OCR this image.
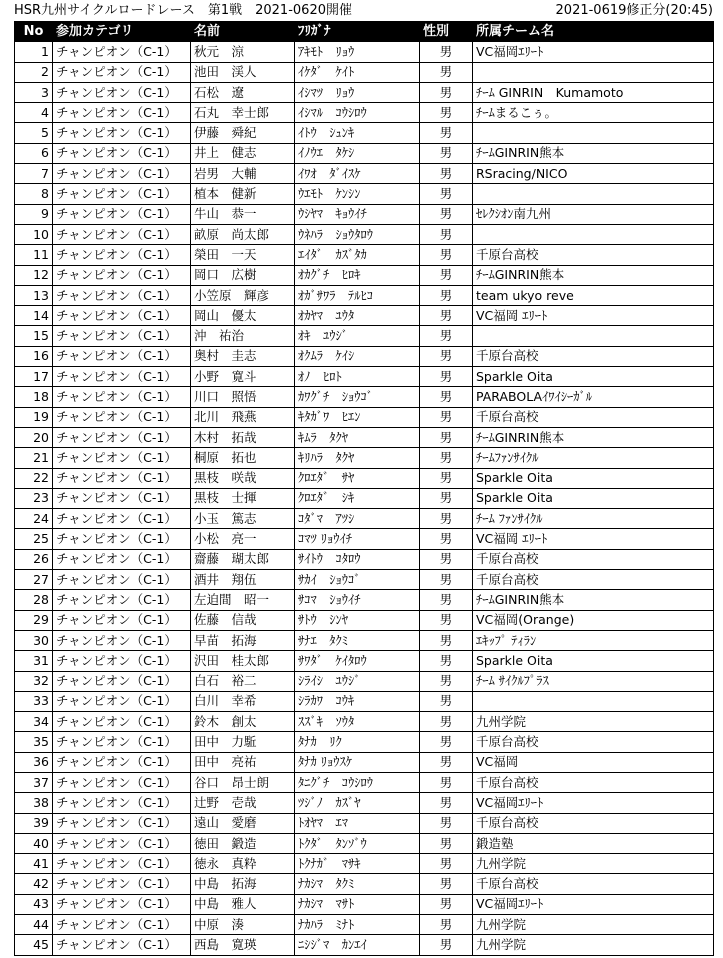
HSR九州サイクルロードレース　第1戦　2021-0620開催	2021-0619修正分(20:45)
No	参加カテゴリ	名前	ﾌﾘｶﾞﾅ	性別	所属チーム名
1	チャンピオン（C-1）	秋元　涼	ｱｷﾓﾄ　ﾘｮｳ	男	VC福岡ｴﾘｰﾄ
2	チャンピオン（C-1）	池田　渓人	ｲｹﾀﾞ　ｹｲﾄ	男	
3	チャンピオン（C-1）	石松　遼	ｲｼﾏﾂ　ﾘｮｳ	男	ﾁｰﾑ GINRIN　Kumamoto
4	チャンピオン（C-1）	石丸　幸士郎	ｲｼﾏﾙ　ｺｳｼﾛｳ	男	ﾁｰﾑまるこぅ。
5	チャンピオン（C-1）	伊藤　舜紀	ｲﾄｳ　ｼｭﾝｷ	男	
6	チャンピオン（C-1）	井上　健志	ｲﾉｳｴ　ﾀｹｼ	男	ﾁｰﾑGINRIN熊本
7	チャンピオン（C-1）	岩男　大輔	ｲﾜｵ　ﾀﾞｲｽｹ	男	RSracing/NICO
8	チャンピオン（C-1）	植本　健新	ｳｴﾓﾄ　ｹﾝｼﾝ	男	
9	チャンピオン（C-1）	牛山　恭一	ｳｼﾔﾏ　ｷｮｳｲﾁ	男	ｾﾚｸｼｵﾝ南九州
10	チャンピオン（C-1）	畝原　尚太郎	ｳﾈﾊﾗ　ｼｮｳﾀﾛｳ	男	
11	チャンピオン（C-1）	榮田　一天	ｴｲﾀﾞ　ｶｽﾞﾀｶ	男	千原台高校
12	チャンピオン（C-1）	岡口　広樹	ｵｶｸﾞﾁ　ﾋﾛｷ	男	ﾁｰﾑGINRIN熊本
13	チャンピオン（C-1）	小笠原　輝彦	ｵｶﾞｻﾜﾗ　ﾃﾙﾋｺ	男	team ukyo reve
14	チャンピオン（C-1）	岡山　優太	ｵｶﾔﾏ　ﾕｳﾀ	男	VC福岡 ｴﾘｰﾄ
15	チャンピオン（C-1）	沖　祐治	ｵｷ　ﾕｳｼﾞ	男	
16	チャンピオン（C-1）	奥村　圭志	ｵｸﾑﾗ　ｹｲｼ	男	千原台高校
17	チャンピオン（C-1）	小野　寛斗	ｵﾉ　ﾋﾛﾄ	男	Sparkle Oita
18	チャンピオン（C-1）	川口　照悟	ｶﾜｸﾞﾁ　ｼｮｳｺﾞ	男	PARABOLAｲﾜｲｼｰｶﾞﾙ
19	チャンピオン（C-1）	北川　飛燕	ｷﾀｶﾞﾜ　ﾋｴﾝ	男	千原台高校
20	チャンピオン（C-1）	木村　拓哉	ｷﾑﾗ　ﾀｸﾔ	男	ﾁｰﾑGINRIN熊本
21	チャンピオン（C-1）	桐原　拓也	ｷﾘﾊﾗ　ﾀｸﾔ	男	ﾁｰﾑﾌｧﾝｻｲｸﾙ
22	チャンピオン（C-1）	黒枝　咲哉	ｸﾛｴﾀﾞ　ｻﾔ	男	Sparkle Oita
23	チャンピオン（C-1）	黒枝　士揮	ｸﾛｴﾀﾞ　ｼｷ	男	Sparkle Oita
24	チャンピオン（C-1）	小玉　篤志	ｺﾀﾞﾏ　ｱﾂｼ	男	ﾁｰﾑ ﾌｧﾝｻｲｸﾙ
25	チャンピオン（C-1）	小松　亮一	ｺﾏﾂ ﾘｮｳｲﾁ	男	VC福岡 ｴﾘｰﾄ
26	チャンピオン（C-1）	齋藤　瑚太郎	ｻｲﾄｳ　ｺﾀﾛｳ	男	千原台高校
27	チャンピオン（C-1）	酒井　翔伍	ｻｶｲ　ｼｮｳｺﾞ	男	千原台高校
28	チャンピオン（C-1）	左迫間　昭一	ｻｺﾏ　ｼｮｳｲﾁ	男	ﾁｰﾑGINRIN熊本
29	チャンピオン（C-1）	佐藤　信哉	ｻﾄｳ　ｼﾝﾔ	男	VC福岡(Orange)
30	チャンピオン（C-1）	早苗　拓海	ｻﾅｴ　ﾀｸﾐ	男	ｴｷｯﾌﾟ ﾃｨﾗﾝ
31	チャンピオン（C-1）	沢田　桂太郎	ｻﾜﾀﾞ　ｹｲﾀﾛｳ	男	Sparkle Oita
32	チャンピオン（C-1）	白石　裕二	ｼﾗｲｼ　ﾕｳｼﾞ	男	ﾁｰﾑ ｻｲｸﾙﾌﾟﾗｽ
33	チャンピオン（C-1）	白川　幸希	ｼﾗｶﾜ　ｺｳｷ	男	
34	チャンピオン（C-1）	鈴木　創太	ｽｽﾞｷ　ｿｳﾀ	男	九州学院
35	チャンピオン（C-1）	田中　力駈	ﾀﾅｶ　ﾘｸ	男	千原台高校
36	チャンピオン（C-1）	田中　亮祐	ﾀﾅｶ ﾘｮｳｽｹ	男	VC福岡
37	チャンピオン（C-1）	谷口　昂士朗	ﾀﾆｸﾞﾁ　ｺｳｼﾛｳ	男	千原台高校
38	チャンピオン（C-1）	辻野　壱哉	ﾂｼﾞﾉ　ｶｽﾞﾔ	男	VC福岡ｴﾘｰﾄ
39	チャンピオン（C-1）	遠山　愛磨	ﾄｵﾔﾏ　ｴﾏ	男	千原台高校
40	チャンピオン（C-1）	徳田　鍛造	ﾄｸﾀﾞ　ﾀﾝｿﾞｳ	男	鍛造塾
41	チャンピオン（C-1）	徳永　真粋	ﾄｸﾅｶﾞ　ﾏｻｷ	男	九州学院
42	チャンピオン（C-1）	中島　拓海	ﾅｶｼﾏ　ﾀｸﾐ	男	千原台高校
43	チャンピオン（C-1）	中島　雅人	ﾅｶｼﾏ　ﾏｻﾄ	男	VC福岡ｴﾘｰﾄ
44	チャンピオン（C-1）	中原　湊	ﾅｶﾊﾗ　ﾐﾅﾄ	男	九州学院
45	チャンピオン（C-1）	西島　寛瑛	ﾆｼｼﾞﾏ　ｶﾝｴｲ	男	九州学院
